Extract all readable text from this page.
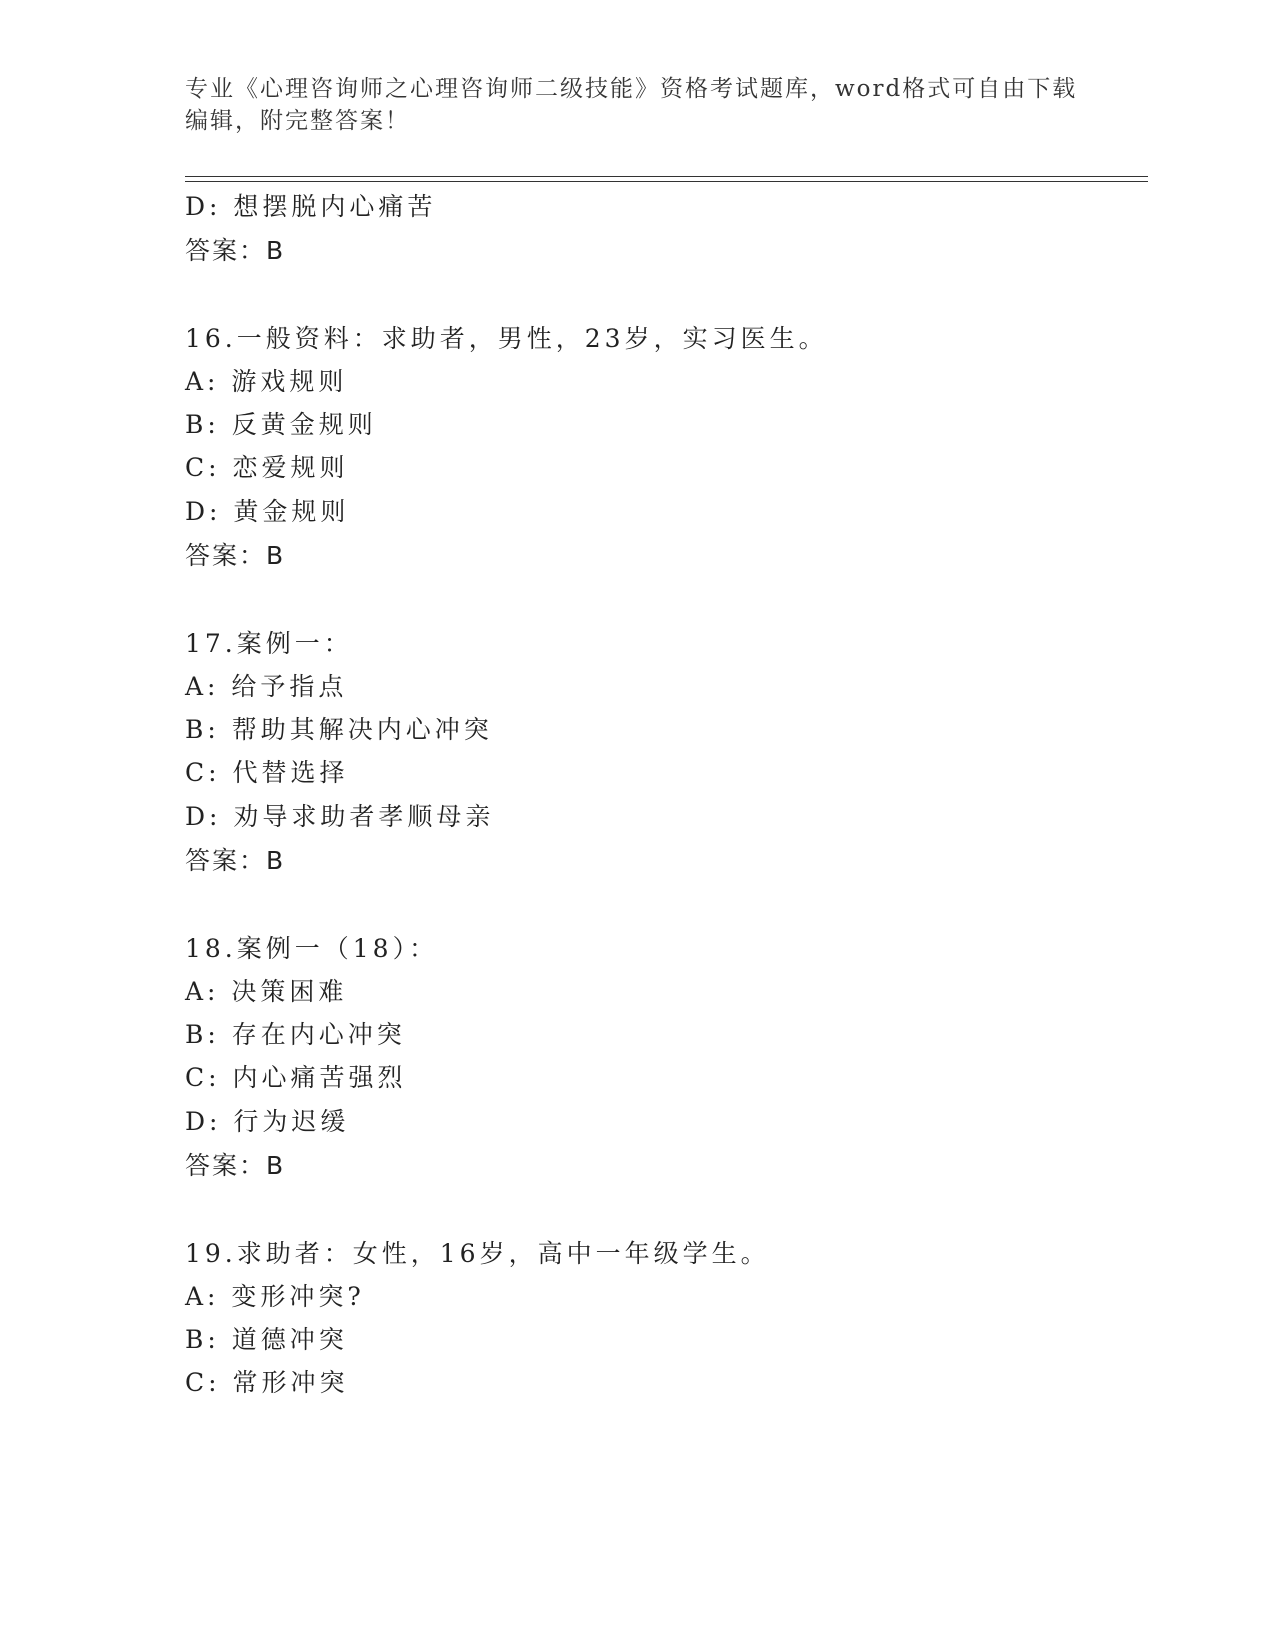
专业《心理咨询师之心理咨询师二级技能》资格考试题库，word格式可自由下载
编辑，附完整答案！
D: 想摆脱内心痛苦
答案：B
16.一般资料：求助者，男性，23岁，实习医生。
A: 游戏规则
B: 反黄金规则
C: 恋爱规则
D: 黄金规则
答案：B
17.案例一：
A: 给予指点
B: 帮助其解决内心冲突
C: 代替选择
D: 劝导求助者孝顺母亲
答案：B
18.案例一（18）：
A: 决策困难
B: 存在内心冲突
C: 内心痛苦强烈
D: 行为迟缓
答案：B
19.求助者：女性，16岁，高中一年级学生。
A: 变形冲突?
B: 道德冲突
C: 常形冲突
